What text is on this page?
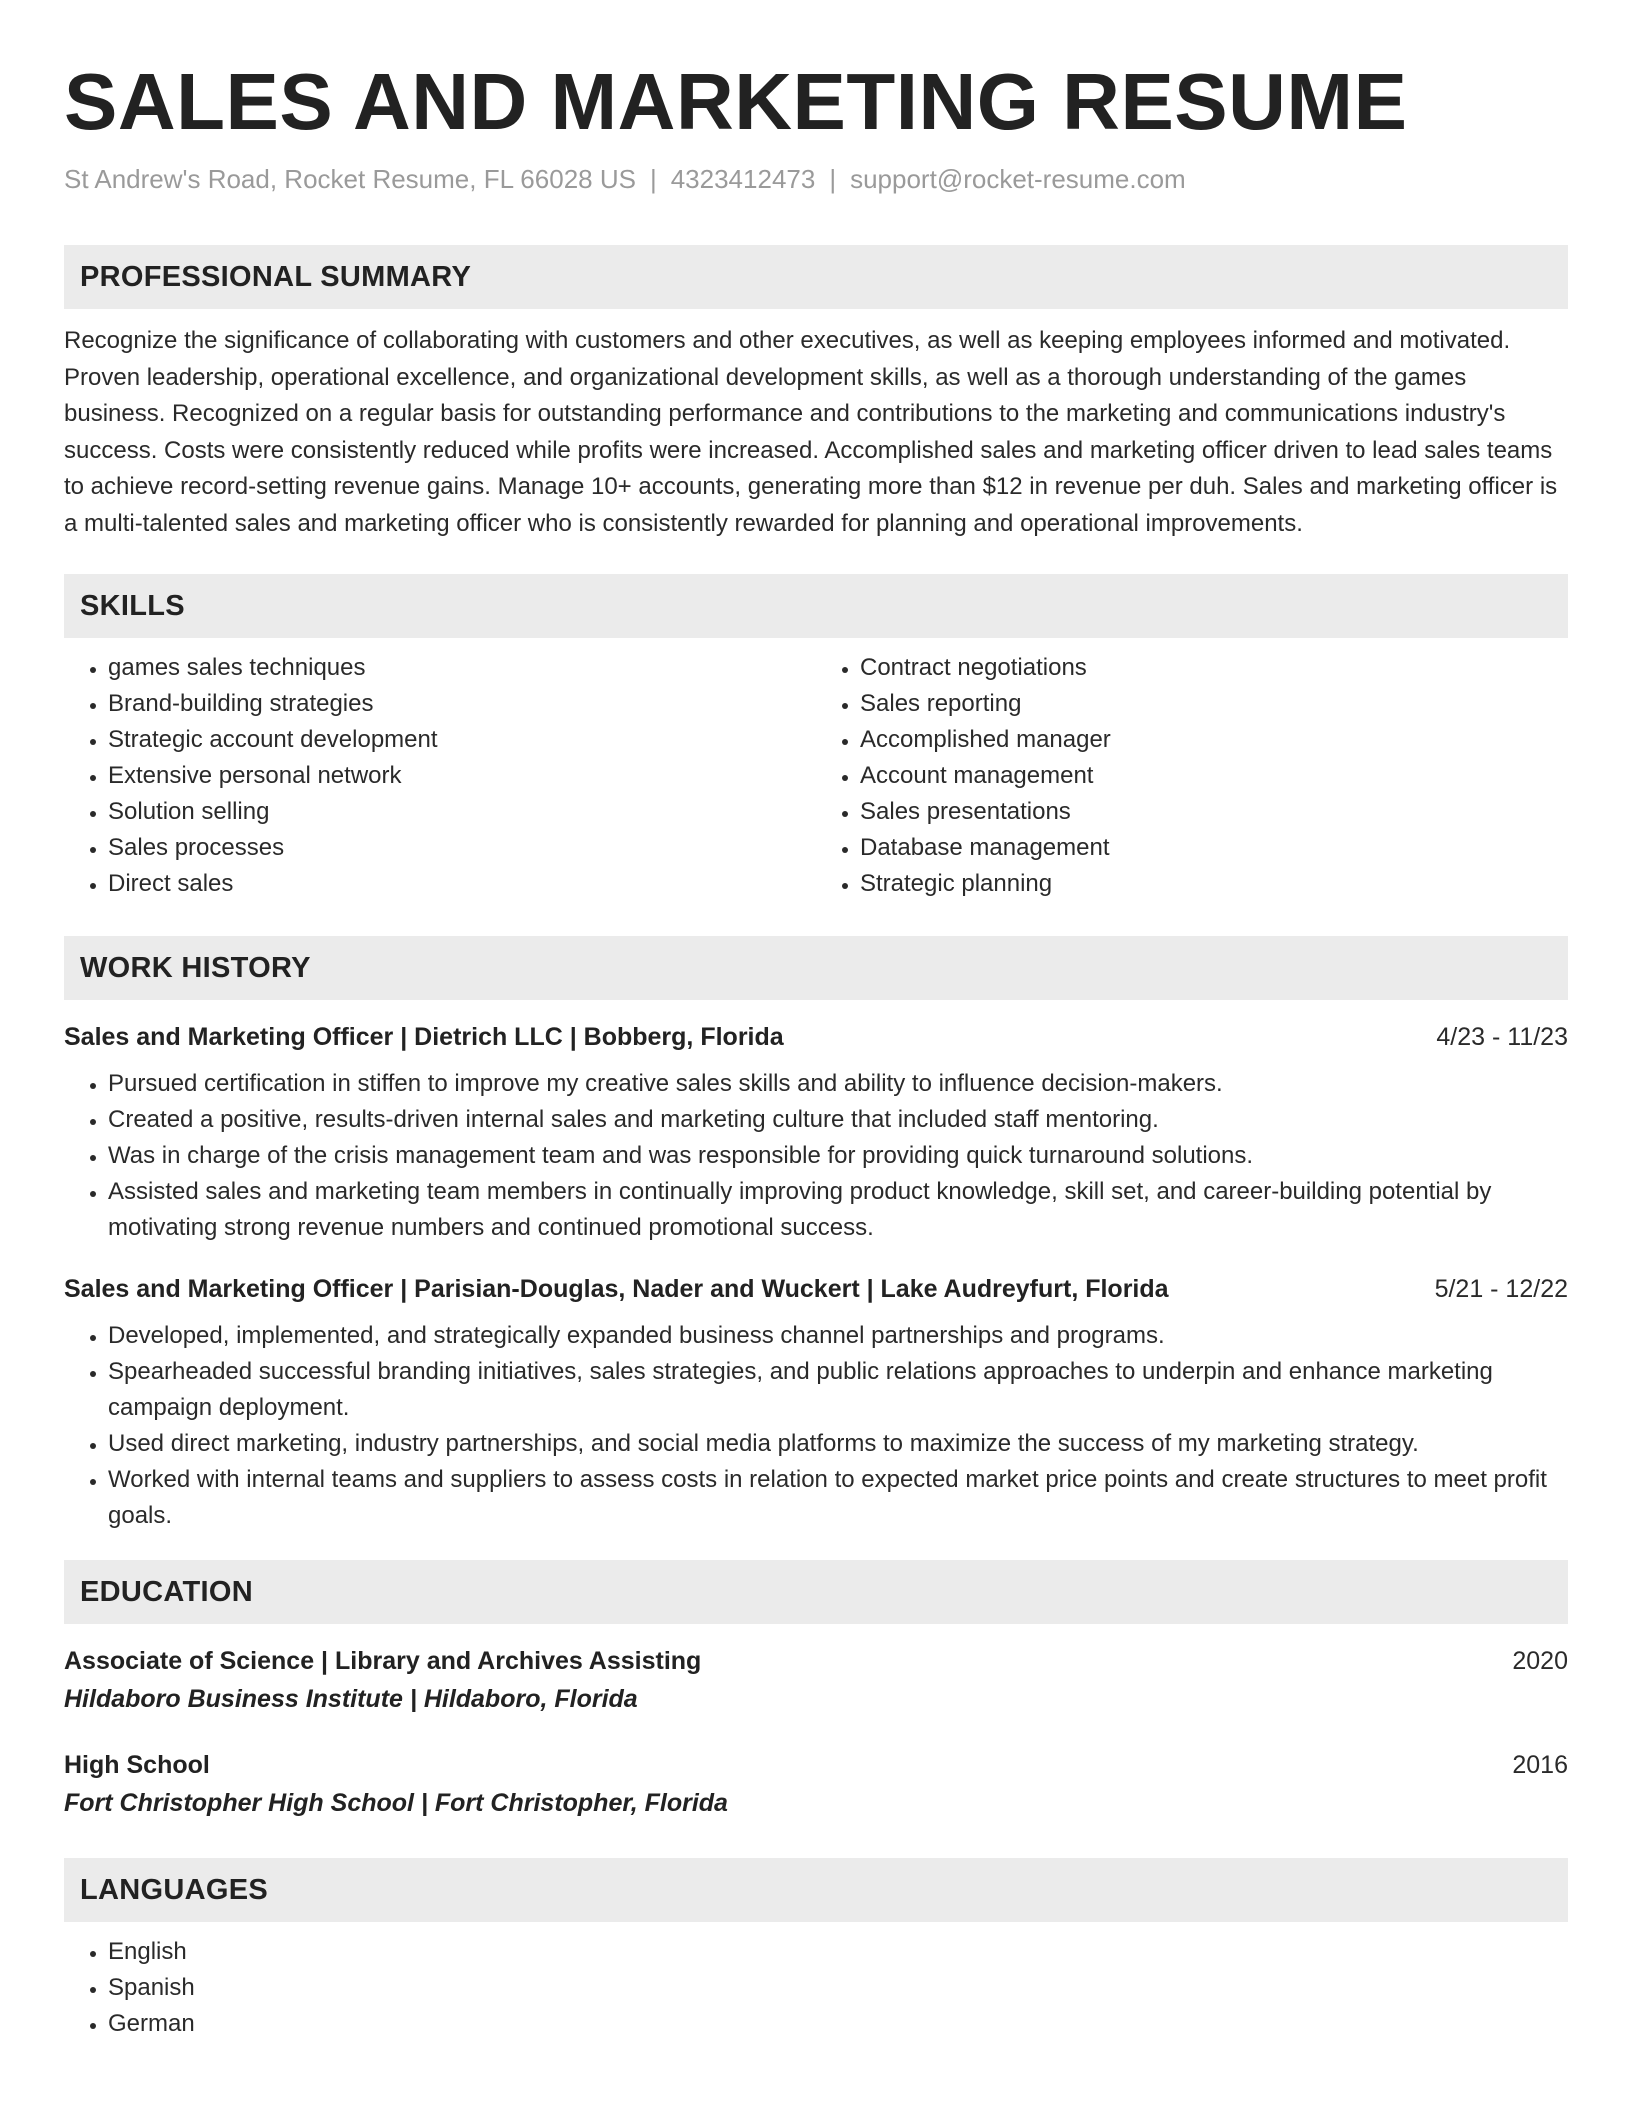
SALES AND MARKETING RESUME
St Andrew's Road, Rocket Resume, FL 66028 US | 4323412473 | support@rocket-resume.com
PROFESSIONAL SUMMARY
Recognize the significance of collaborating with customers and other executives, as well as keeping employees informed and motivated. Proven leadership, operational excellence, and organizational development skills, as well as a thorough understanding of the games business. Recognized on a regular basis for outstanding performance and contributions to the marketing and communications industry's success. Costs were consistently reduced while profits were increased. Accomplished sales and marketing officer driven to lead sales teams to achieve record-setting revenue gains. Manage 10+ accounts, generating more than $12 in revenue per duh. Sales and marketing officer is a multi-talented sales and marketing officer who is consistently rewarded for planning and operational improvements.
SKILLS
• games sales techniques
• Brand-building strategies
• Strategic account development
• Extensive personal network
• Solution selling
• Sales processes
• Direct sales
• Contract negotiations
• Sales reporting
• Accomplished manager
• Account management
• Sales presentations
• Database management
• Strategic planning
WORK HISTORY
Sales and Marketing Officer | Dietrich LLC | Bobberg, Florida	4/23 - 11/23
• Pursued certification in stiffen to improve my creative sales skills and ability to influence decision-makers.
• Created a positive, results-driven internal sales and marketing culture that included staff mentoring.
• Was in charge of the crisis management team and was responsible for providing quick turnaround solutions.
• Assisted sales and marketing team members in continually improving product knowledge, skill set, and career-building potential by motivating strong revenue numbers and continued promotional success.
Sales and Marketing Officer | Parisian-Douglas, Nader and Wuckert | Lake Audreyfurt, Florida	5/21 - 12/22
• Developed, implemented, and strategically expanded business channel partnerships and programs.
• Spearheaded successful branding initiatives, sales strategies, and public relations approaches to underpin and enhance marketing campaign deployment.
• Used direct marketing, industry partnerships, and social media platforms to maximize the success of my marketing strategy.
• Worked with internal teams and suppliers to assess costs in relation to expected market price points and create structures to meet profit goals.
EDUCATION
Associate of Science | Library and Archives Assisting	2020
Hildaboro Business Institute | Hildaboro, Florida
High School	2016
Fort Christopher High School | Fort Christopher, Florida
LANGUAGES
• English
• Spanish
• German
